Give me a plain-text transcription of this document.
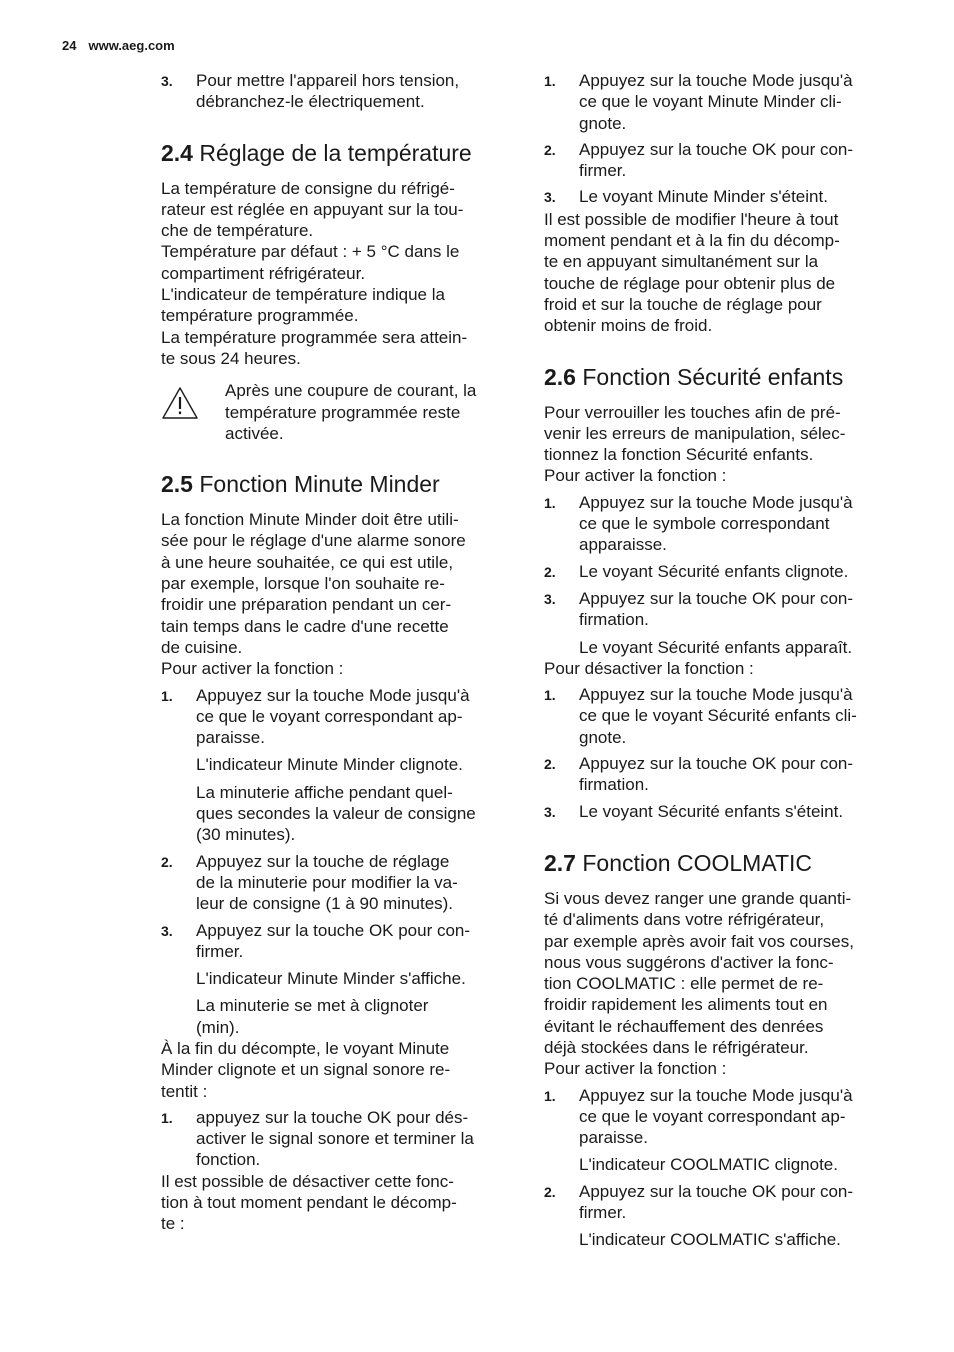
24 www.aeg.com
3.	Pour mettre l'appareil hors tension,
débranchez-le électriquement.
2.4 Réglage de la température

La température de consigne du réfrigé-
rateur est réglée en appuyant sur la tou-
che de température.
Température par défaut : + 5 °C dans le
compartiment réfrigérateur.
L'indicateur de température indique la
température programmée.
La température programmée sera attein-
te sous 24 heures.

Après une coupure de courant, la
température programmée reste
activée.
2.5 Fonction Minute Minder

La fonction Minute Minder doit être utili-
sée pour le réglage d'une alarme sonore
à une heure souhaitée, ce qui est utile,
par exemple, lorsque l'on souhaite re-
froidir une préparation pendant un cer-
tain temps dans le cadre d'une recette
de cuisine.
Pour activer la fonction :

1.	Appuyez sur la touche Mode jusqu'à
ce que le voyant correspondant ap-
paraisse.
L'indicateur Minute Minder clignote.
La minuterie affiche pendant quel-
ques secondes la valeur de consigne
(30 minutes).
2.	Appuyez sur la touche de réglage
de la minuterie pour modifier la va-
leur de consigne (1 à 90 minutes).
3.	Appuyez sur la touche OK pour con-
firmer.
L'indicateur Minute Minder s'affiche.
La minuterie se met à clignoter
(min).

À la fin du décompte, le voyant Minute
Minder clignote et un signal sonore re-
tentit :

1.	appuyez sur la touche OK pour dés-
activer le signal sonore et terminer la
fonction.

Il est possible de désactiver cette fonc-
tion à tout moment pendant le décomp-
te :

1.	Appuyez sur la touche Mode jusqu'à
ce que le voyant Minute Minder cli-
gnote.
2.	Appuyez sur la touche OK pour con-
firmer.
3.	Le voyant Minute Minder s'éteint.

Il est possible de modifier l'heure à tout
moment pendant et à la fin du décomp-
te en appuyant simultanément sur la
touche de réglage pour obtenir plus de
froid et sur la touche de réglage pour
obtenir moins de froid.

2.6 Fonction Sécurité enfants

Pour verrouiller les touches afin de pré-
venir les erreurs de manipulation, sélec-
tionnez la fonction Sécurité enfants.
Pour activer la fonction :

1.	Appuyez sur la touche Mode jusqu'à
ce que le symbole correspondant
apparaisse.
2.	Le voyant Sécurité enfants clignote.
3.	Appuyez sur la touche OK pour con-
firmation.
Le voyant Sécurité enfants apparaît.

Pour désactiver la fonction :

1.	Appuyez sur la touche Mode jusqu'à
ce que le voyant Sécurité enfants cli-
gnote.
2.	Appuyez sur la touche OK pour con-
firmation.
3.	Le voyant Sécurité enfants s'éteint.
2.7 Fonction COOLMATIC

Si vous devez ranger une grande quanti-
té d'aliments dans votre réfrigérateur,
par exemple après avoir fait vos courses,
nous vous suggérons d'activer la fonc-
tion COOLMATIC : elle permet de re-
froidir rapidement les aliments tout en
évitant le réchauffement des denrées
déjà stockées dans le réfrigérateur.
Pour activer la fonction :

1.	Appuyez sur la touche Mode jusqu'à
ce que le voyant correspondant ap-
paraisse.
L'indicateur COOLMATIC clignote.
2.	Appuyez sur la touche OK pour con-
firmer.
L'indicateur COOLMATIC s'affiche.
